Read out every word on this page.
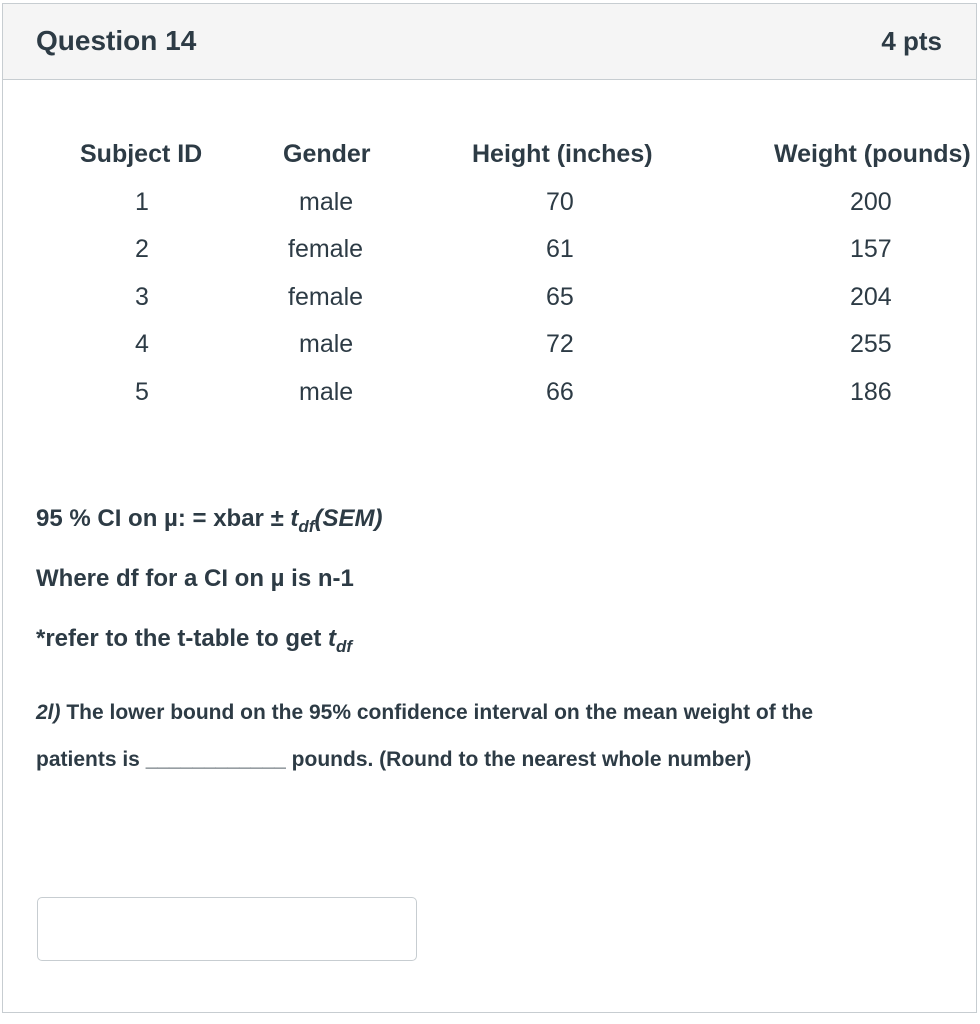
Question 14	4 pts
Subject ID	Gender	Height (inches)	Weight (pounds)
1	male	70	200
2	female	61	157
3	female	65	204
4	male	72	255
5	male	66	186
95 % CI on µ: = xbar ± $t_{df}(SEM)$
Where df for a CI on µ is n-1
*refer to the t-table to get $t_{df}$
2l) The lower bound on the 95% confidence interval on the mean weight of the
patients is ____________ pounds. (Round to the nearest whole number)
